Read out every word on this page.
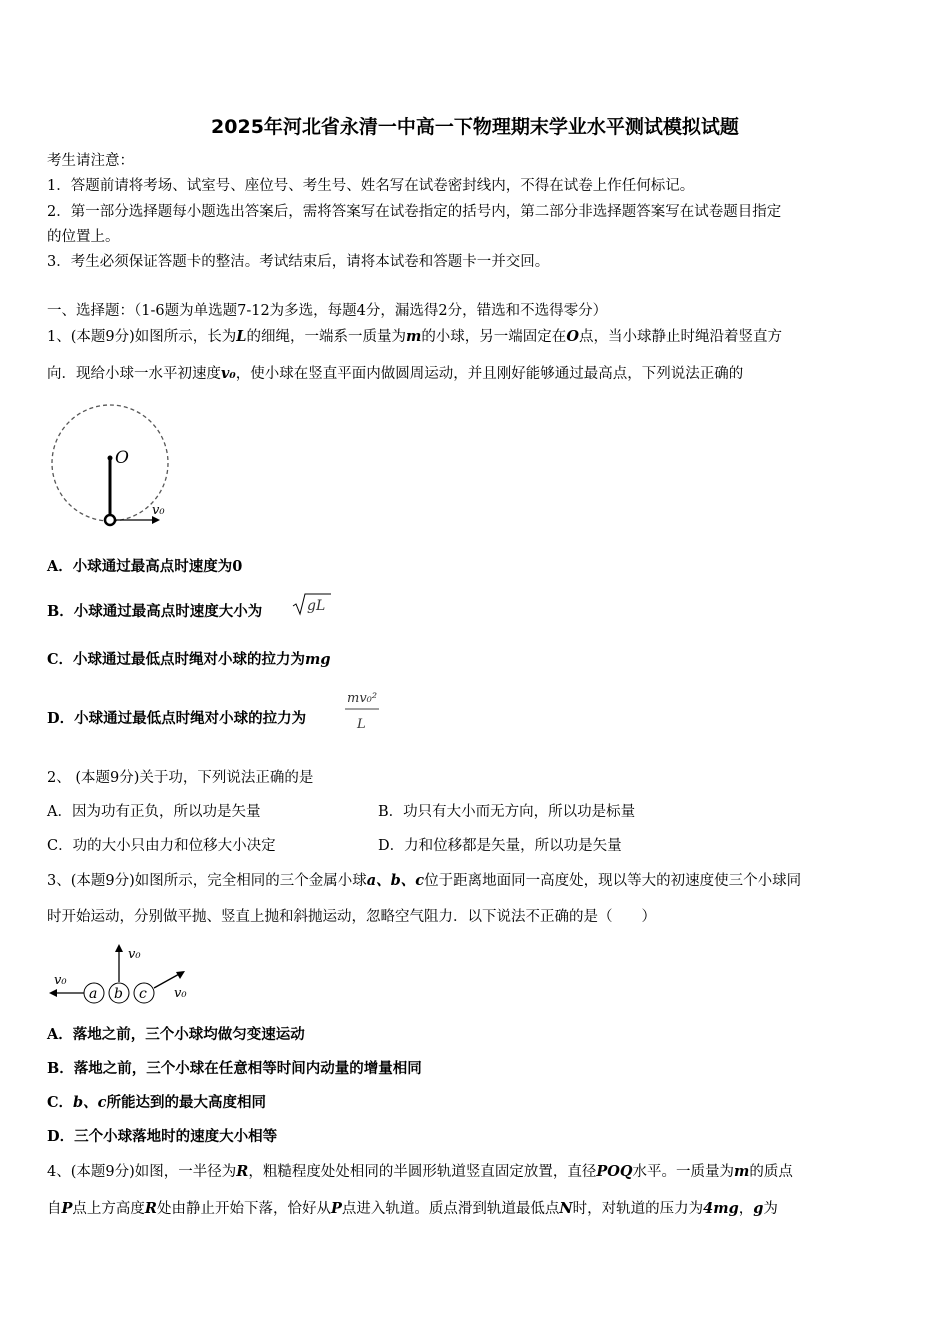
2025年河北省永清一中高一下物理期末学业水平测试模拟试题
考生请注意：
1．答题前请将考场、试室号、座位号、考生号、姓名写在试卷密封线内，不得在试卷上作任何标记。
2．第一部分选择题每小题选出答案后，需将答案写在试卷指定的括号内，第二部分非选择题答案写在试卷题目指定
的位置上。
3．考生必须保证答题卡的整洁。考试结束后，请将本试卷和答题卡一并交回。
一、选择题：（1-6题为单选题7-12为多选，每题4分，漏选得2分，错选和不选得零分）
1、(本题9分)如图所示，长为L的细绳，一端系一质量为m的小球，另一端固定在O点，当小球静止时绳沿着竖直方
向．现给小球一水平初速度v₀，使小球在竖直平面内做圆周运动，并且刚好能够通过最高点，下列说法正确的
O
v₀
A．小球通过最高点时速度为0
B．小球通过最高点时速度大小为	gL
C．小球通过最低点时绳对小球的拉力为mg
D．小球通过最低点时绳对小球的拉力为
mv₀²
L
2、 (本题9分)关于功，下列说法正确的是
A．因为功有正负，所以功是矢量	B．功只有大小而无方向，所以功是标量
C．功的大小只由力和位移大小决定	D．力和位移都是矢量，所以功是矢量
3、(本题9分)如图所示，完全相同的三个金属小球a、b、c位于距离地面同一高度处，现以等大的初速度使三个小球同
时开始运动，分别做平抛、竖直上抛和斜抛运动，忽略空气阻力．以下说法不正确的是（　　）
v₀
v₀
v₀
a b c
A．落地之前，三个小球均做匀变速运动
B．落地之前，三个小球在任意相等时间内动量的增量相同
C．b、c所能达到的最大高度相同
D．三个小球落地时的速度大小相等
4、(本题9分)如图，一半径为R，粗糙程度处处相同的半圆形轨道竖直固定放置，直径POQ水平。一质量为m的质点
自P点上方高度R处由静止开始下落，恰好从P点进入轨道。质点滑到轨道最低点N时，对轨道的压力为4mg，g为
